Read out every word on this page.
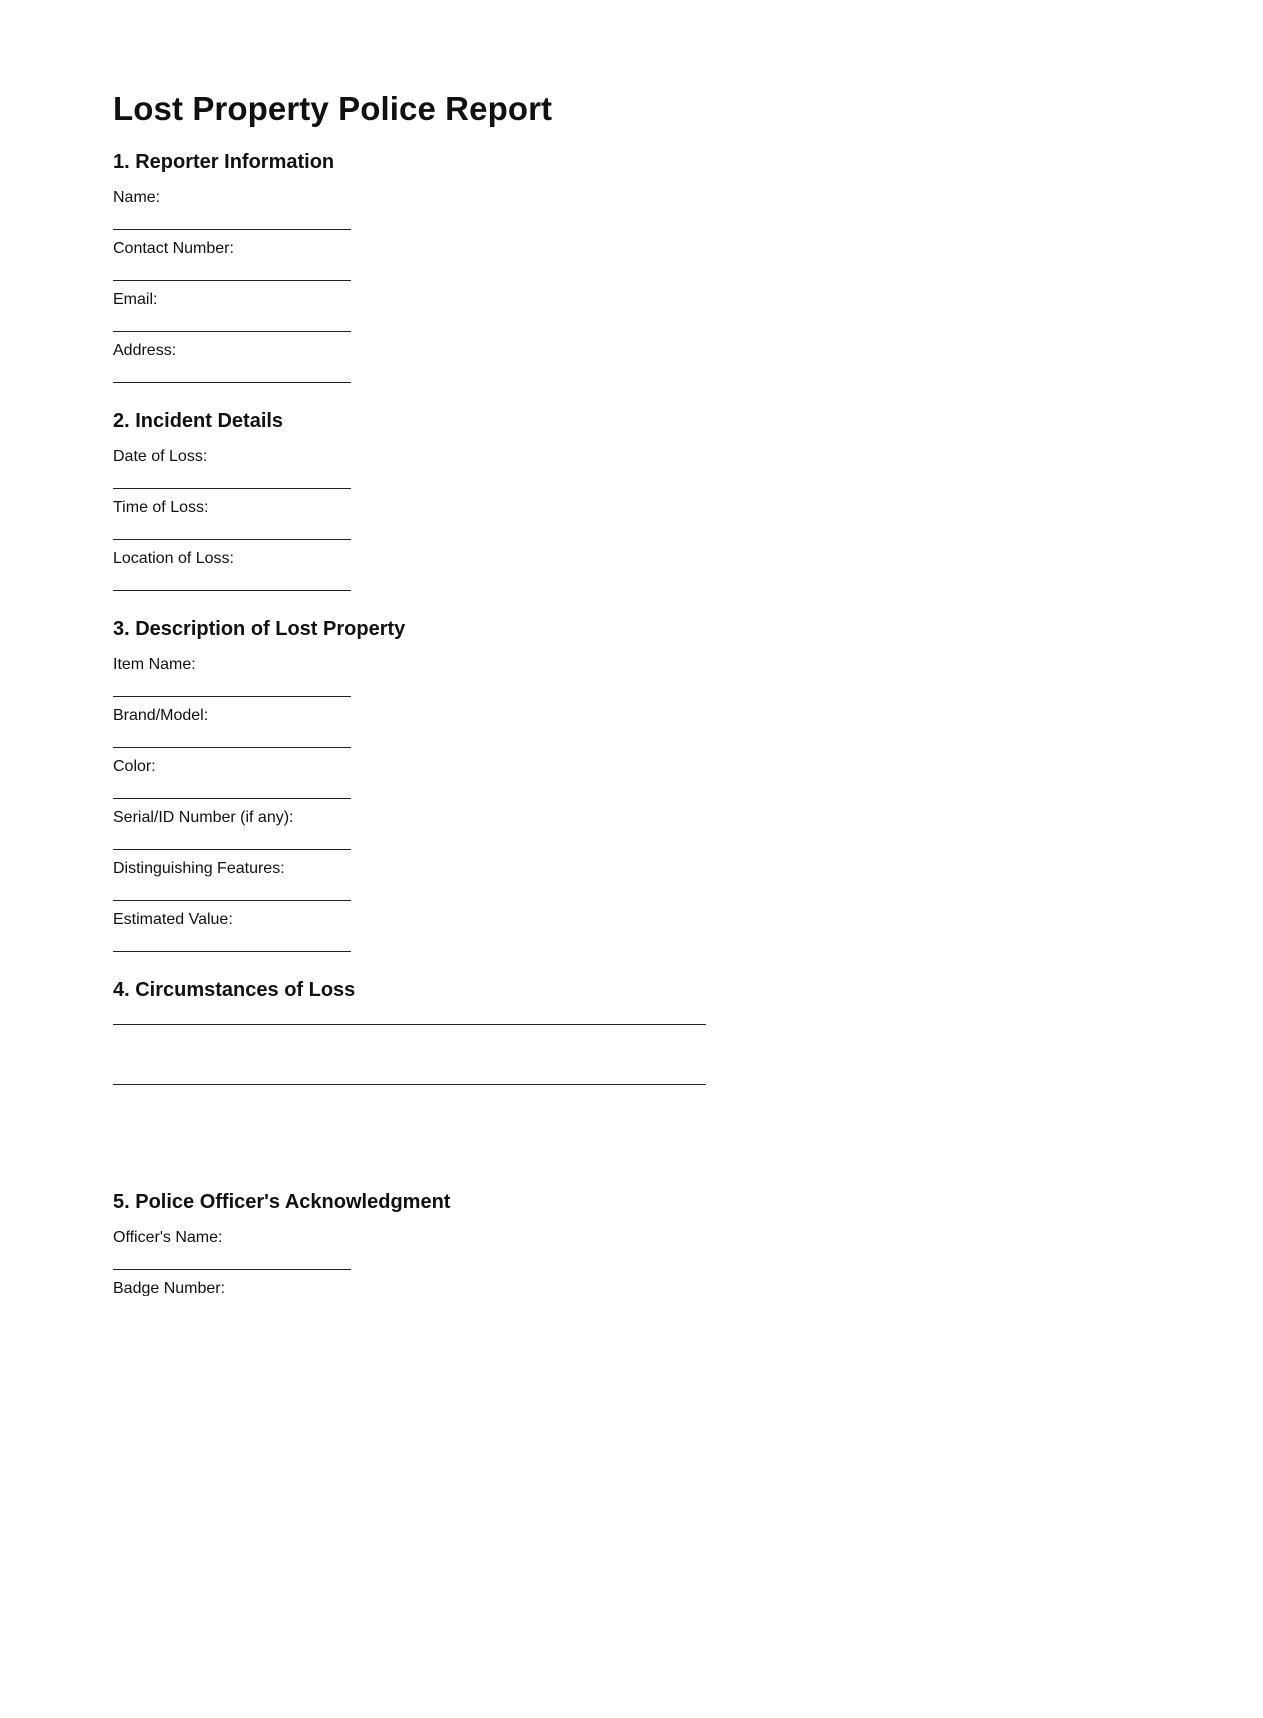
Lost Property Police Report
1. Reporter Information
Name:
Contact Number:
Email:
Address:
2. Incident Details
Date of Loss:
Time of Loss:
Location of Loss:
3. Description of Lost Property
Item Name:
Brand/Model:
Color:
Serial/ID Number (if any):
Distinguishing Features:
Estimated Value:
4. Circumstances of Loss
5. Police Officer's Acknowledgment
Officer's Name:
Badge Number:
